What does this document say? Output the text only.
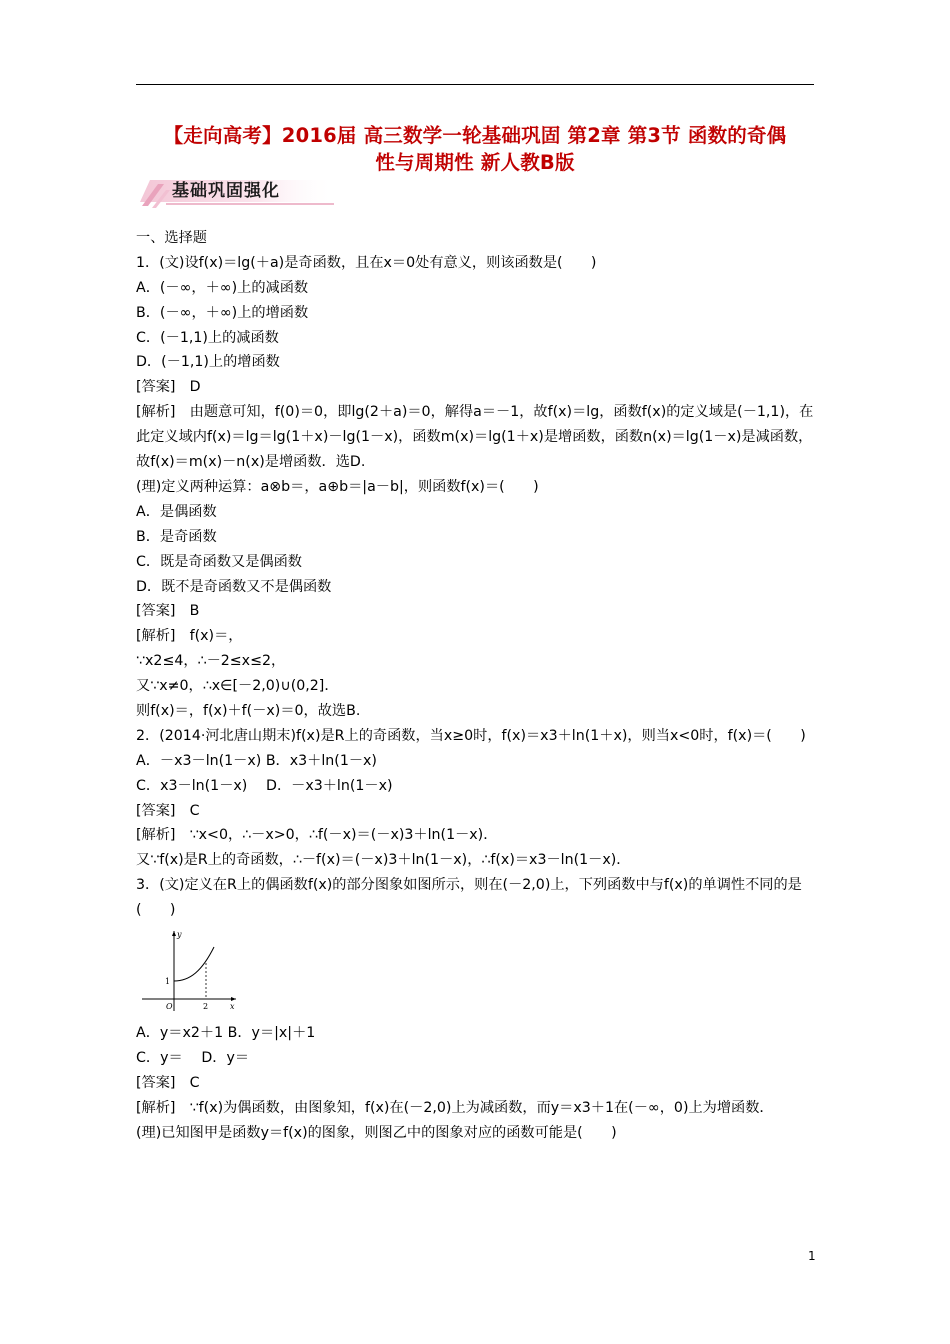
【走向高考】2016届 高三数学一轮基础巩固 第2章 第3节 函数的奇偶
性与周期性 新人教B版
基础巩固强化
一、选择题
1．(文)设f(x)＝lg(＋a)是奇函数，且在x＝0处有意义，则该函数是(　　)
A．(－∞，＋∞)上的减函数
B．(－∞，＋∞)上的增函数
C．(－1,1)上的减函数
D．(－1,1)上的增函数
[答案]　D
[解析]　由题意可知，f(0)＝0，即lg(2＋a)＝0，解得a＝－1，故f(x)＝lg，函数f(x)的定义域是(－1,1)，在此定义域内f(x)＝lg＝lg(1＋x)－lg(1－x)，函数m(x)＝lg(1＋x)是增函数，函数n(x)＝lg(1－x)是减函数，故f(x)＝m(x)－n(x)是增函数．选D.
(理)定义两种运算：a⊗b＝，a⊕b＝|a－b|，则函数f(x)＝(　　)
A．是偶函数
B．是奇函数
C．既是奇函数又是偶函数
D．既不是奇函数又不是偶函数
[答案]　B
[解析]　f(x)＝，
∵x2≤4，∴－2≤x≤2，
又∵x≠0，∴x∈[－2,0)∪(0,2]．
则f(x)＝，f(x)＋f(－x)＝0，故选B.
2．(2014·河北唐山期末)f(x)是R上的奇函数，当x≥0时，f(x)＝x3＋ln(1＋x)，则当x<0时，f(x)＝(　　)
A．－x3－ln(1－x) B．x3＋ln(1－x)
C．x3－ln(1－x)　 D．－x3＋ln(1－x)
[答案]　C
[解析]　∵x<0，∴－x>0，∴f(－x)＝(－x)3＋ln(1－x)．
又∵f(x)是R上的奇函数，∴－f(x)＝(－x)3＋ln(1－x)，∴f(x)＝x3－ln(1－x)．
3．(文)定义在R上的偶函数f(x)的部分图象如图所示，则在(－2,0)上，下列函数中与f(x)的单调性不同的是(　　)
y
x
O
1
2
A．y＝x2＋1 B．y＝|x|＋1
C．y＝　 D．y＝
[答案]　C
[解析]　∵f(x)为偶函数，由图象知，f(x)在(－2,0)上为减函数，而y＝x3＋1在(－∞，0)上为增函数．
(理)已知图甲是函数y＝f(x)的图象，则图乙中的图象对应的函数可能是(　　)
1
